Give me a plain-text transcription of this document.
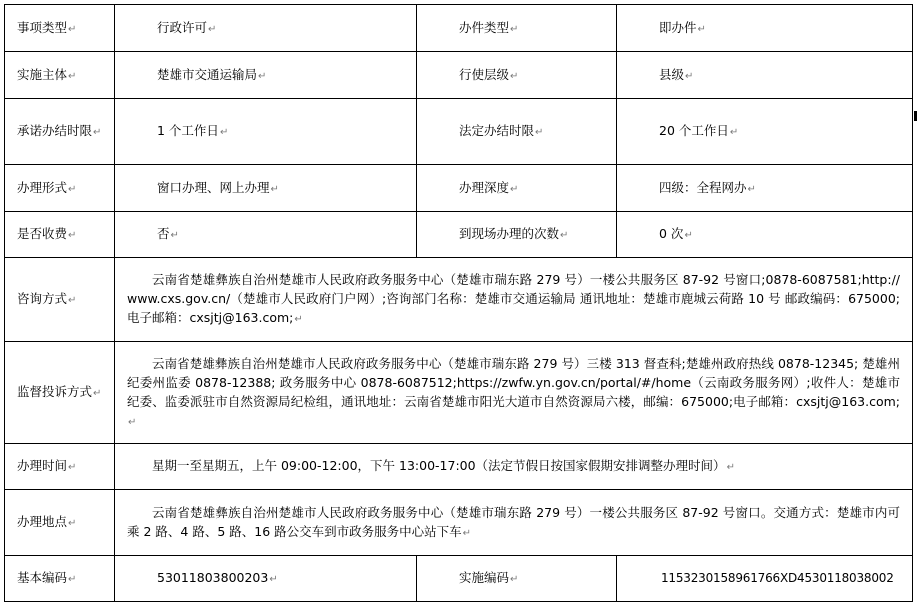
事项类型↵	行政许可↵	办件类型↵	即办件↵
实施主体↵	楚雄市交通运输局↵	行使层级↵	县级↵
承诺办结时限↵	1 个工作日↵	法定办结时限↵	20 个工作日↵
办理形式↵	窗口办理、网上办理↵	办理深度↵	四级：全程网办↵
是否收费↵	否↵	到现场办理的次数↵	0 次↵
咨询方式↵	云南省楚雄彝族自治州楚雄市人民政府政务服务中心（楚雄市瑞东路 279 号）一楼公共服务区 87-92 号窗口;0878-6087581;http://www.cxs.gov.cn/（楚雄市人民政府门户网）;咨询部门名称：楚雄市交通运输局 通讯地址：楚雄市鹿城云荷路 10 号 邮政编码：675000;电子邮箱：cxsjtj@163.com;↵		

监督投诉方式↵	云南省楚雄彝族自治州楚雄市人民政府政务服务中心（楚雄市瑞东路 279 号）三楼 313 督查科;楚雄州政府热线 0878-12345; 楚雄州纪委州监委 0878-12388; 政务服务中心 0878-6087512;https://zwfw.yn.gov.cn/portal/#/home（云南政务服务网）;收件人：楚雄市纪委、监委派驻市自然资源局纪检组，通讯地址：云南省楚雄市阳光大道市自然资源局六楼，邮编：675000;电子邮箱：cxsjtj@163.com;↵		

办理时间↵	星期一至星期五，上午 09:00-12:00，下午 13:00-17:00（法定节假日按国家假期安排调整办理时间）↵		

办理地点↵	云南省楚雄彝族自治州楚雄市人民政府政务服务中心（楚雄市瑞东路 279 号）一楼公共服务区 87-92 号窗口。交通方式：楚雄市内可乘 2 路、4 路、5 路、16 路公交车到市政务服务中心站下车↵		

基本编码↵	53011803800203↵	实施编码↵	11532301589617​66XD4530118038002
